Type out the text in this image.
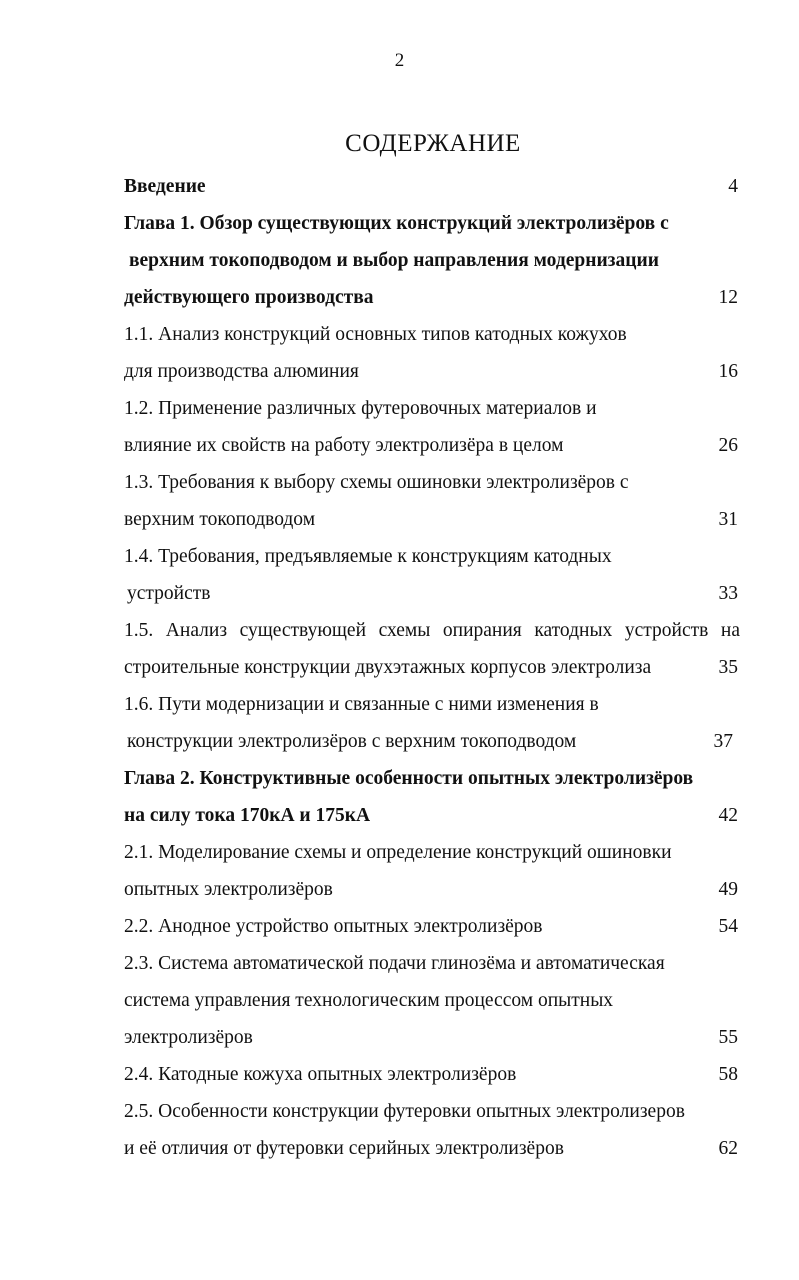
2
СОДЕРЖАНИЕ
Введение	4
Глава 1. Обзор существующих конструкций электролизёров с
верхним токоподводом и выбор направления модернизации
действующего производства	12
1.1. Анализ конструкций основных типов катодных кожухов
для производства алюминия	16
1.2. Применение различных футеровочных материалов и
влияние их свойств на работу электролизёра в целом	26
1.3. Требования к выбору схемы ошиновки электролизёров с
верхним токоподводом	31
1.4. Требования, предъявляемые к конструкциям катодных
устройств	33
1.5. Анализ существующей схемы опирания катодных устройств на
строительные конструкции двухэтажных корпусов электролиза	35
1.6. Пути модернизации и связанные с ними изменения в
конструкции электролизёров с верхним токоподводом	37
Глава 2. Конструктивные особенности опытных электролизёров
на силу тока 170кА и 175кА	42
2.1. Моделирование схемы и определение конструкций ошиновки
опытных электролизёров	49
2.2. Анодное устройство опытных электролизёров	54
2.3. Система автоматической подачи глинозёма и автоматическая
система управления технологическим процессом опытных
электролизёров	55
2.4. Катодные кожуха опытных электролизёров	58
2.5. Особенности конструкции футеровки опытных электролизеров
и её отличия от футеровки серийных электролизёров	62
